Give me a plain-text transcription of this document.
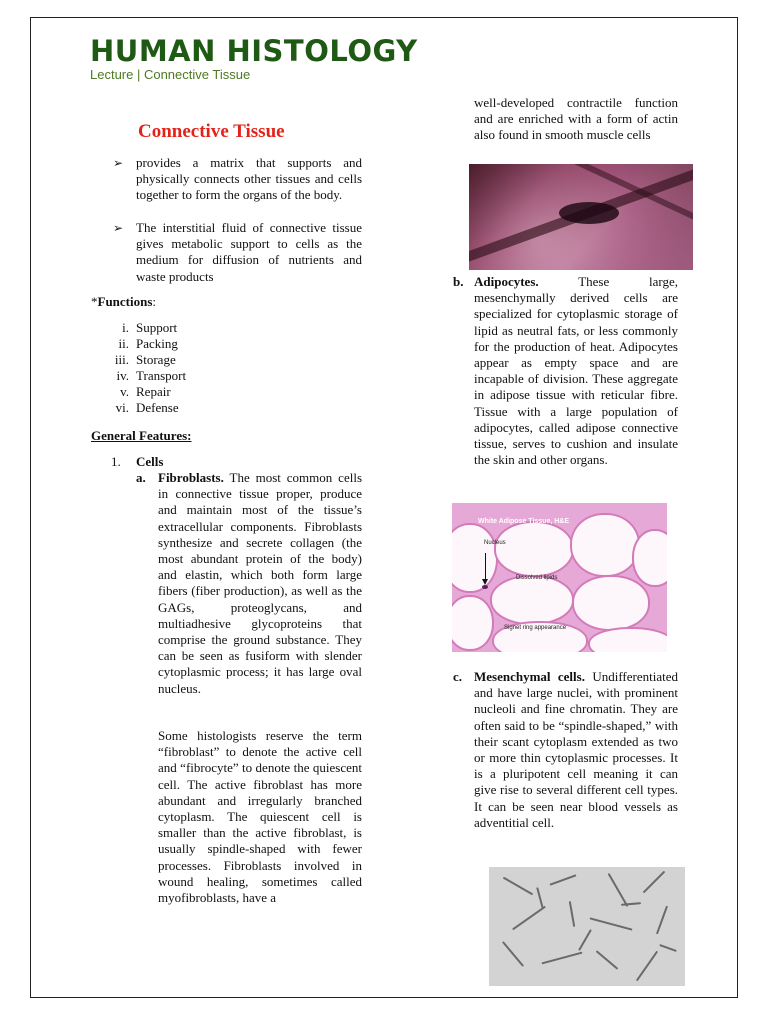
HUMAN HISTOLOGY
Lecture | Connective Tissue
Connective Tissue
➢ provides a matrix that supports and physically connects other tissues and cells together to form the organs of the body.
➢ The interstitial fluid of connective tissue gives metabolic support to cells as the medium for diffusion of nutrients and waste products
*Functions:
i. Support
ii. Packing
iii. Storage
iv. Transport
v. Repair
vi. Defense
General Features:
1. Cells
a. Fibroblasts. The most common cells in connective tissue proper, produce and maintain most of the tissue’s extracellular components. Fibroblasts synthesize and secrete collagen (the most abundant protein of the body) and elastin, which both form large fibers (fiber production), as well as the GAGs, proteoglycans, and multiadhesive glycoproteins that comprise the ground substance. They can be seen as fusiform with slender cytoplasmic process; it has large oval nucleus.
Some histologists reserve the term “fibroblast” to denote the active cell and “fibrocyte” to denote the quiescent cell. The active fibroblast has more abundant and irregularly branched cytoplasm. The quiescent cell is smaller than the active fibroblast, is usually spindle-shaped with fewer processes. Fibroblasts involved in wound healing, sometimes called myofibroblasts, have a
well-developed contractile function and are enriched with a form of actin also found in smooth muscle cells
b. Adipocytes.	These large, mesenchymally derived cells are specialized for cytoplasmic storage of lipid as neutral fats, or less commonly for the production of heat. Adipocytes appear as empty space and are incapable of division. These aggregate in adipose tissue with reticular fibre. Tissue with a large population of adipocytes, called adipose connective tissue, serves to cushion and insulate the skin and other organs.
White Adipose Tissue, H&E
Nucleus
Dissolved lipids
Signet ring appearance
c. Mesenchymal cells. Undifferentiated and have large nuclei, with prominent nucleoli and fine chromatin. They are often said to be “spindle-shaped,” with their scant cytoplasm extended as two or more thin cytoplasmic processes. It is a pluripotent cell meaning it can give rise to several different cell types. It can be seen near blood vessels as adventitial cell.
